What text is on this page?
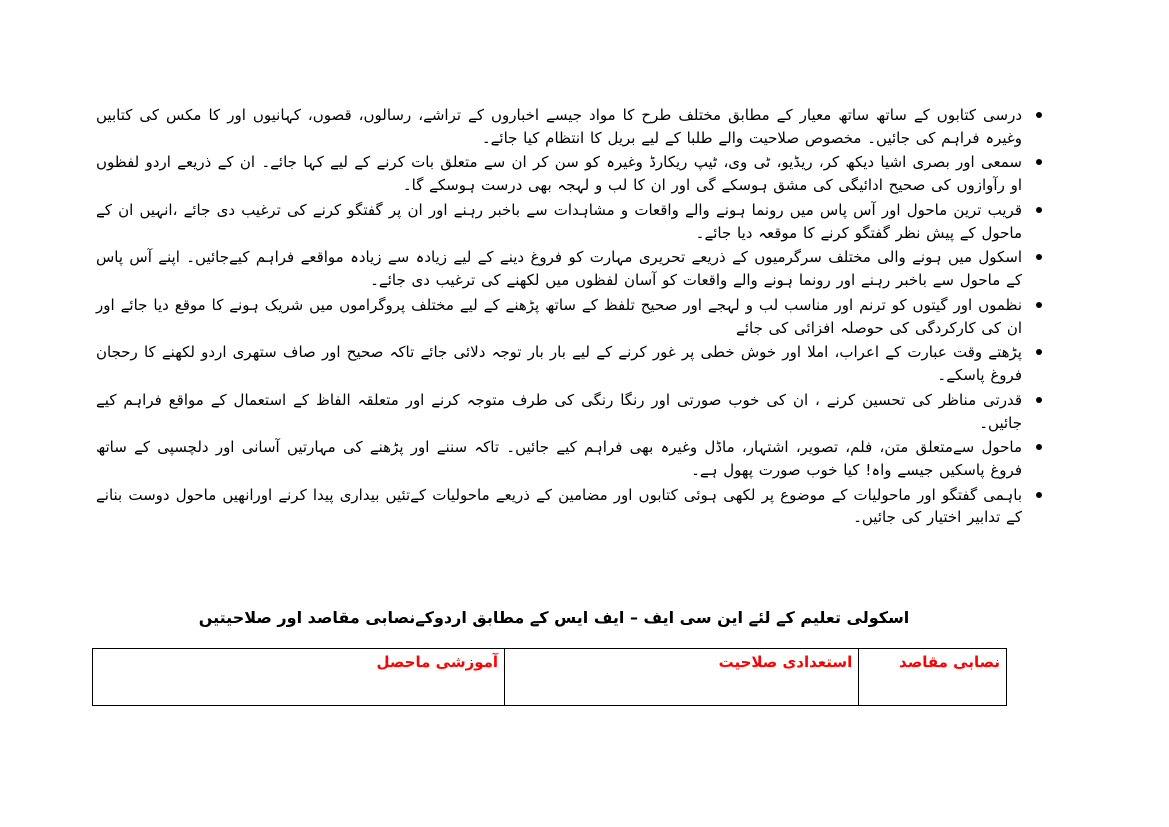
درسی کتابوں کے ساتھ ساتھ معیار کے مطابق مختلف طرح کا مواد جیسے اخباروں کے تراشے، رسالوں، قصوں، کہانیوں اور کا مکس کی کتابیں وغیرہ فراہم کی جائیں۔ مخصوص صلاحیت والے طلبا کے لیے بریل کا انتظام کیا جائے۔
سمعی اور بصری اشیا دیکھ کر، ریڈیو، ٹی وی، ٹیپ ریکارڈ وغیرہ کو سن کر ان سے متعلق بات کرنے کے لیے کہا جائے۔ ان کے ذریعے اردو لفظوں او رآوازوں کی صحیح ادائیگی کی مشق ہوسکے گی اور ان کا لب و لہجہ بھی درست ہوسکے گا۔
قریب ترین ماحول اور آس پاس میں رونما ہونے والے واقعات و مشاہدات سے باخبر رہنے اور ان پر گفتگو کرنے کی ترغیب دی جائے ،انہیں ان کے ماحول کے پیش نظر گفتگو کرنے کا موقعہ دیا جائے۔
اسکول میں ہونے والی مختلف سرگرمیوں کے ذریعے تحریری مہارت کو فروغ دینے کے لیے زیادہ سے زیادہ مواقعے فراہم کیےجائیں۔ اپنے آس پاس کے ماحول سے باخبر رہنے اور رونما ہونے والے واقعات کو آسان لفظوں میں لکھنے کی ترغیب دی جائے۔
نظموں اور گیتوں کو ترنم اور مناسب لب و لہجے اور صحیح تلفظ کے ساتھ پڑھنے کے لیے مختلف پروگراموں میں شریک ہونے کا موقع دیا جائے اور ان کی کارکردگی کی حوصلہ افزائی کی جائے
پڑھتے وقت عبارت کے اعراب، املا اور خوش خطی پر غور کرنے کے لیے بار بار توجہ دلائی جائے تاکہ صحیح اور صاف ستھری اردو لکھنے کا رحجان فروغ پاسکے۔
قدرتی مناظر کی تحسین کرنے ، ان کی خوب صورتی اور رنگا رنگی کی طرف متوجہ کرنے اور متعلقہ الفاظ کے استعمال کے مواقع فراہم کیے جائیں۔
ماحول سےمتعلق متن، فلم، تصویر، اشتہار، ماڈل وغیرہ بھی فراہم کیے جائیں۔ تاکہ سننے اور پڑھنے کی مہارتیں آسانی اور دلچسپی کے ساتھ فروغ پاسکیں جیسے واہ! کیا خوب صورت پھول ہے۔
باہمی گفتگو اور ماحولیات کے موضوع پر لکھی ہوئی کتابوں اور مضامین کے ذریعے ماحولیات کےتئیں بیداری پیدا کرنے اورانھیں ماحول دوست بنانے کے تدابیر اختیار کی جائیں۔
اسکولی تعلیم کے لئے این سی ایف – ایف ایس کے مطابق اردوکےنصابی مقاصد اور صلاحیتیں
نصابی مقاصد	استعدادی صلاحیت	آموزشی ماحصل
